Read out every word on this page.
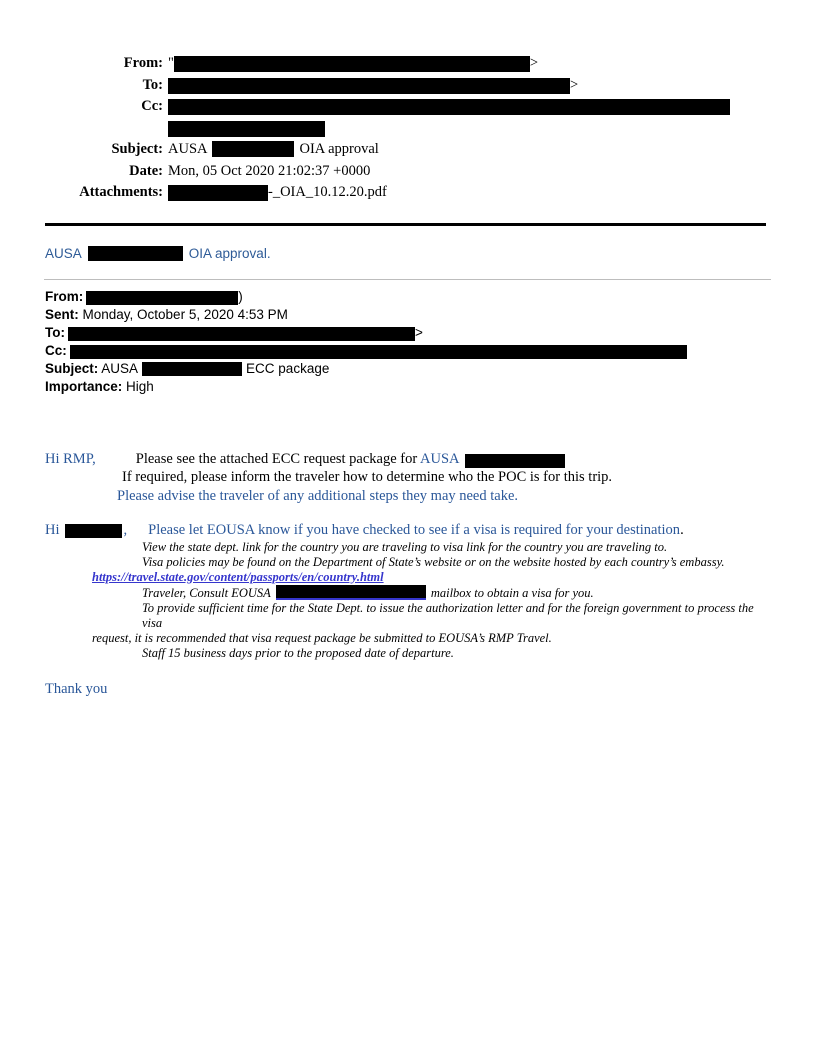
From: "	>
To:	>
Cc:

Subject: AUSA	OIA approval
Date: Mon, 05 Oct 2020 21:02:37 +0000
Attachments:	-_OIA_10.12.20.pdf
AUSA	OIA approval.
From:	)
Sent: Monday, October 5, 2020 4:53 PM
To:	>
Cc:
Subject: AUSA	ECC package
Importance: High
Hi RMP,	Please see the attached ECC request package for AUSA
If required, please inform the traveler how to determine who the POC is for this trip.
Please advise the traveler of any additional steps they may need take.
Hi	, Please let EOUSA know if you have checked to see if a visa is required for your destination.
View the state dept. link for the country you are traveling to visa link for the country you are traveling to.
Visa policies may be found on the Department of State’s website or on the website hosted by each country’s embassy.
https://travel.state.gov/content/passports/en/country.html
Traveler, Consult EOUSA	mailbox to obtain a visa for you.
To provide sufficient time for the State Dept. to issue the authorization letter and for the foreign government to process the visa
request, it is recommended that visa request package be submitted to EOUSA’s RMP Travel.
Staff 15 business days prior to the proposed date of departure.
Thank you
